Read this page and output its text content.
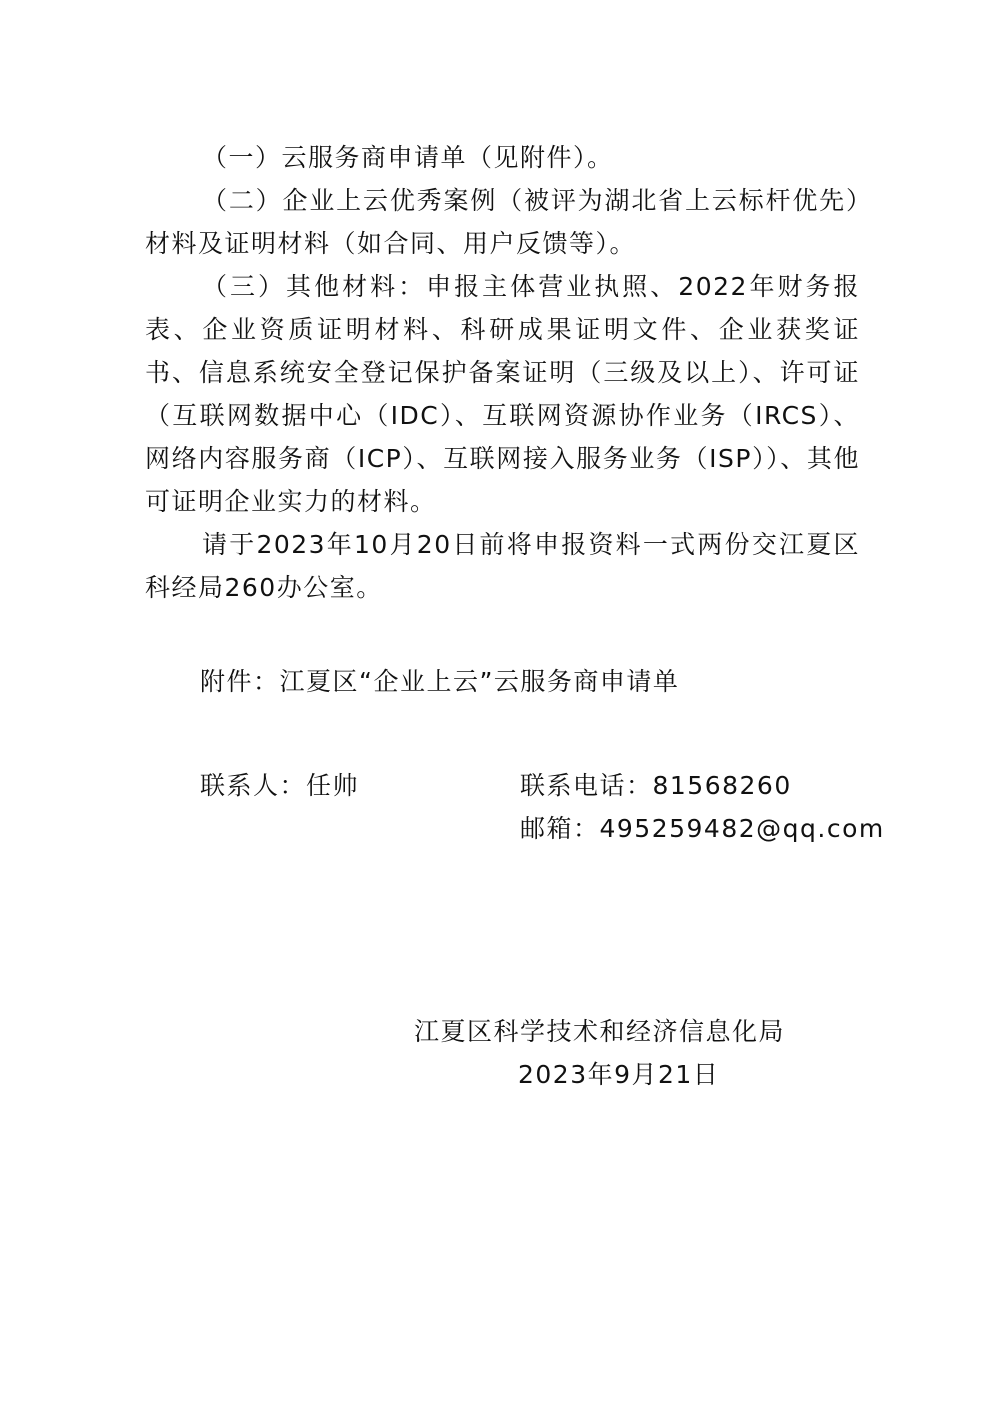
（一）云服务商申请单（见附件）。

（二）企业上云优秀案例（被评为湖北省上云标杆优先）材料及证明材料（如合同、用户反馈等）。

（三）其他材料：申报主体营业执照、2022年财务报表、企业资质证明材料、科研成果证明文件、企业获奖证书、信息系统安全登记保护备案证明（三级及以上）、许可证（互联网数据中心（IDC）、互联网资源协作业务（IRCS）、网络内容服务商（ICP）、互联网接入服务业务（ISP））、其他可证明企业实力的材料。

请于2023年10月20日前将申报资料一式两份交江夏区科经局260办公室。

附件：江夏区“企业上云”云服务商申请单
联系人：任帅	联系电话：81568260
邮箱：495259482@qq.com
江夏区科学技术和经济信息化局
2023年9月21日
